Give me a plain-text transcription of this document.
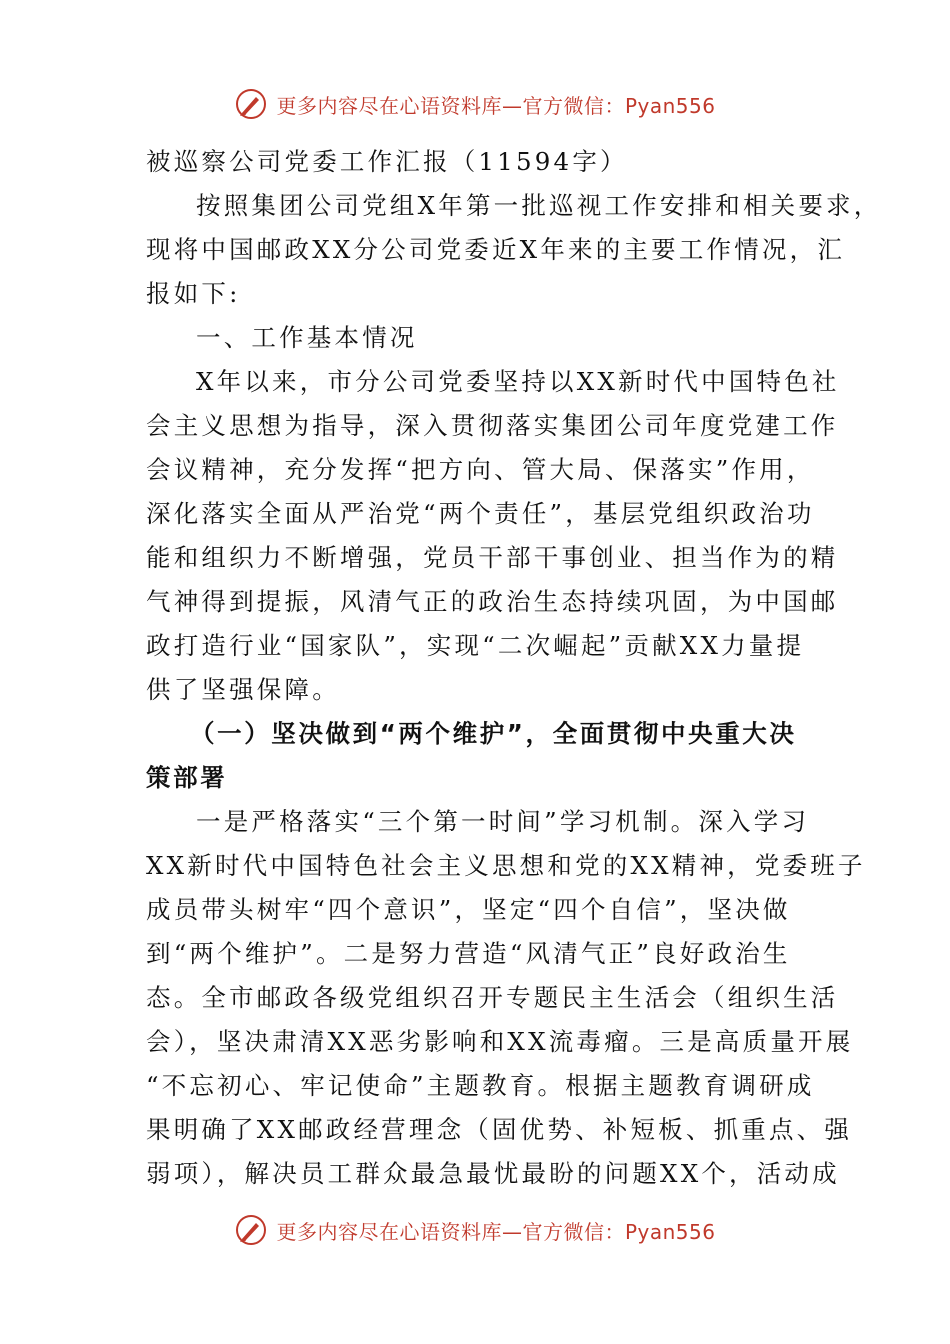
更多内容尽在心语资料库—官方微信：Pyan556
被巡察公司党委工作汇报（11594字）
按照集团公司党组X年第一批巡视工作安排和相关要求，
现将中国邮政XX分公司党委近X年来的主要工作情况，汇
报如下:
一、工作基本情况
X年以来，市分公司党委坚持以XX新时代中国特色社
会主义思想为指导，深入贯彻落实集团公司年度党建工作
会议精神，充分发挥“把方向、管大局、保落实”作用，
深化落实全面从严治党“两个责任”，基层党组织政治功
能和组织力不断增强，党员干部干事创业、担当作为的精
气神得到提振，风清气正的政治生态持续巩固，为中国邮
政打造行业“国家队”，实现“二次崛起”贡献XX力量提
供了坚强保障。
（一）坚决做到“两个维护”，全面贯彻中央重大决
策部署
一是严格落实“三个第一时间”学习机制。深入学习
XX新时代中国特色社会主义思想和党的XX精神，党委班子
成员带头树牢“四个意识”，坚定“四个自信”，坚决做
到“两个维护”。二是努力营造“风清气正”良好政治生
态。全市邮政各级党组织召开专题民主生活会（组织生活
会），坚决肃清XX恶劣影响和XX流毒瘤。三是高质量开展
“不忘初心、牢记使命”主题教育。根据主题教育调研成
果明确了XX邮政经营理念（固优势、补短板、抓重点、强
弱项），解决员工群众最急最忧最盼的问题XX个，活动成
更多内容尽在心语资料库—官方微信：Pyan556
